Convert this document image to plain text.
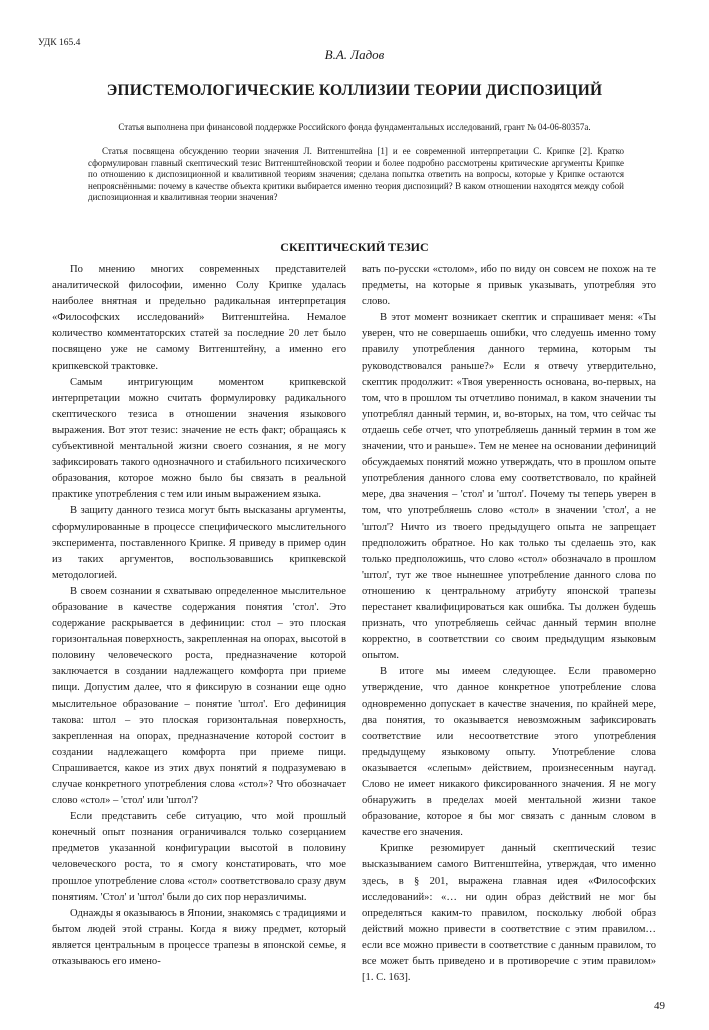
УДК 165.4
В.А. Ладов
ЭПИСТЕМОЛОГИЧЕСКИЕ КОЛЛИЗИИ ТЕОРИИ ДИСПОЗИЦИЙ
Статья выполнена при финансовой поддержке Российского фонда фундаментальных исследований, грант № 04-06-80357а.
Статья посвящена обсуждению теории значения Л. Витгенштейна [1] и ее современной интерпретации С. Крипке [2]. Кратко сформулирован главный скептический тезис Витгенштейновской теории и более подробно рассмотрены критические аргументы Крипке по отношению к диспозиционной и квалитивной теориям значения; сделана попытка ответить на вопросы, которые у Крипке остаются непрояснёнными: почему в качестве объекта критики выбирается именно теория диспозиций? В каком отношении находятся между собой диспозиционная и квалитивная теории значения?
СКЕПТИЧЕСКИЙ ТЕЗИС

По мнению многих современных представителей аналитической философии, именно Солу Крипке удалась наиболее внятная и предельно радикальная интерпретация «Философских исследований» Витгенштейна. Немалое количество комментаторских статей за последние 20 лет было посвящено уже не самому Витгенштейну, а именно его крипкевской трактовке.

Самым интригующим моментом крипкевской интерпретации можно считать формулировку радикального скептического тезиса в отношении значения языкового выражения. Вот этот тезис: значение не есть факт; обращаясь к субъективной ментальной жизни своего сознания, я не могу зафиксировать такого однозначного и стабильного психического образования, которое можно было бы связать в реальной практике употребления с тем или иным выражением языка.

В защиту данного тезиса могут быть высказаны аргументы, сформулированные в процессе специфического мыслительного эксперимента, поставленного Крипке. Я приведу в пример один из таких аргументов, воспользовавшись крипкевской методологией.

В своем сознании я схватываю определенное мыслительное образование в качестве содержания понятия 'стол'. Это содержание раскрывается в дефиниции: стол – это плоская горизонтальная поверхность, закрепленная на опорах, высотой в половину человеческого роста, предназначение которой заключается в создании надлежащего комфорта при приеме пищи. Допустим далее, что я фиксирую в сознании еще одно мыслительное образование – понятие 'штол'. Его дефиниция такова: штол – это плоская горизонтальная поверхность, закрепленная на опорах, предназначение которой состоит в создании надлежащего комфорта при приеме пищи. Спрашивается, какое из этих двух понятий я подразумеваю в случае конкретного употребления слова «стол»? Что обозначает слово «стол» – 'стол' или 'штол'?

Если представить себе ситуацию, что мой прошлый конечный опыт познания ограничивался только созерцанием предметов указанной конфигурации высотой в половину человеческого роста, то я смогу констатировать, что мое прошлое употребление слова «стол» соответствовало сразу двум понятиям. 'Стол' и 'штол' были до сих пор неразличимы.

Однажды я оказываюсь в Японии, знакомясь с традициями и бытом людей этой страны. Когда я вижу предмет, который является центральным в процессе трапезы в японской семье, я отказываюсь его имено-

вать по-русски «столом», ибо по виду он совсем не похож на те предметы, на которые я привык указывать, употребляя это слово.

В этот момент возникает скептик и спрашивает меня: «Ты уверен, что не совершаешь ошибки, что следуешь именно тому правилу употребления данного термина, которым ты руководствовался раньше?» Если я отвечу утвердительно, скептик продолжит: «Твоя уверенность основана, во-первых, на том, что в прошлом ты отчетливо понимал, в каком значении ты употреблял данный термин, и, во-вторых, на том, что сейчас ты отдаешь себе отчет, что употребляешь данный термин в том же значении, что и раньше». Тем не менее на основании дефиниций обсуждаемых понятий можно утверждать, что в прошлом опыте употребления данного слова ему соответствовало, по крайней мере, два значения – 'стол' и 'штол'. Почему ты теперь уверен в том, что употребляешь слово «стол» в значении 'стол', а не 'штол'? Ничто из твоего предыдущего опыта не запрещает предположить обратное. Но как только ты сделаешь это, как только предположишь, что слово «стол» обозначало в прошлом 'штол', тут же твое нынешнее употребление данного слова по отношению к центральному атрибуту японской трапезы перестанет квалифицироваться как ошибка. Ты должен будешь признать, что употребляешь сейчас данный термин вполне корректно, в соответствии со своим предыдущим языковым опытом.

В итоге мы имеем следующее. Если правомерно утверждение, что данное конкретное употребление слова одновременно допускает в качестве значения, по крайней мере, два понятия, то оказывается невозможным зафиксировать соответствие или несоответствие этого употребления предыдущему языковому опыту. Употребление слова оказывается «слепым» действием, произнесенным наугад. Слово не имеет никакого фиксированного значения. Я не могу обнаружить в пределах моей ментальной жизни такое образование, которое я бы мог связать с данным словом в качестве его значения.

Крипке резюмирует данный скептический тезис высказыванием самого Витгенштейна, утверждая, что именно здесь, в § 201, выражена главная идея «Философских исследований»: «… ни один образ действий не мог бы определяться каким-то правилом, поскольку любой образ действий можно привести в соответствие с этим правилом… если все можно привести в соответствие с данным правилом, то все может быть приведено и в противоречие с этим правилом» [1. С. 163].

49
